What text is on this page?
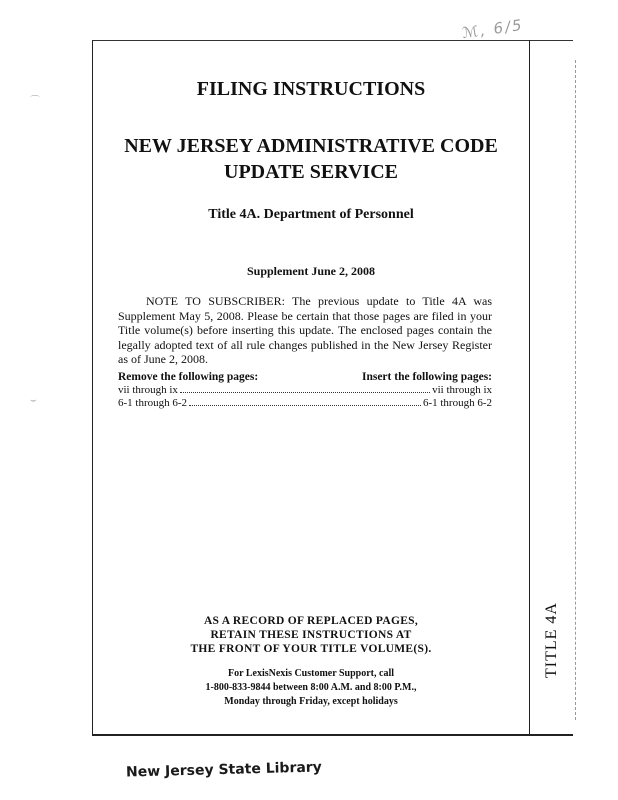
ℳ, 6/5
⌒
⌣
FILING INSTRUCTIONS
NEW JERSEY ADMINISTRATIVE CODE
UPDATE SERVICE
Title 4A. Department of Personnel
Supplement June 2, 2008

NOTE TO SUBSCRIBER: The previous update to Title 4A was Supplement May 5, 2008. Please be certain that those pages are filed in your Title volume(s) before inserting this update. The enclosed pages contain the legally adopted text of all rule changes published in the New Jersey Register as of June 2, 2008.

Remove the following pages:	Insert the following pages:
vii through ix	vii through ix
6-1 through 6-2	6-1 through 6-2
AS A RECORD OF REPLACED PAGES,
RETAIN THESE INSTRUCTIONS AT
THE FRONT OF YOUR TITLE VOLUME(S).
For LexisNexis Customer Support, call
1-800-833-9844 between 8:00 A.M. and 8:00 P.M.,
Monday through Friday, except holidays
TITLE 4A
New Jersey State Library
